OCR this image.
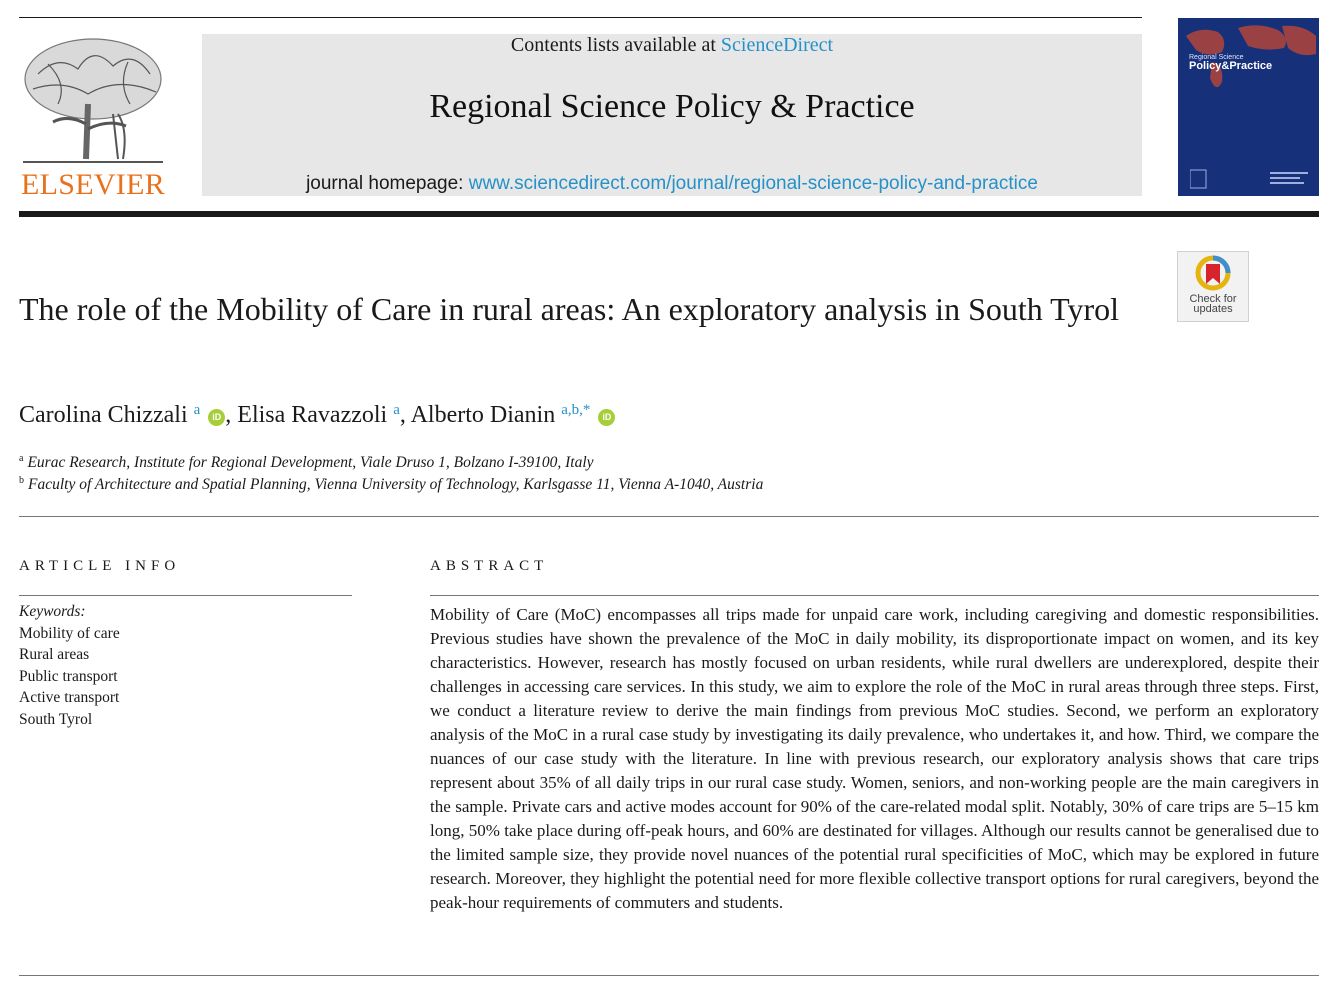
ELSEVIER
Contents lists available at ScienceDirect
Regional Science Policy & Practice
journal homepage: www.sciencedirect.com/journal/regional-science-policy-and-practice
Regional Science
Policy&Practice
The role of the Mobility of Care in rural areas: An exploratory analysis in South Tyrol	Check for updates
Carolina Chizzali $^a$ iD , Elisa Ravazzoli $^a$, Alberto Dianin $^{a,b,*}$ iD
$^a$ Eurac Research, Institute for Regional Development, Viale Druso 1, Bolzano I-39100, Italy
$^b$ Faculty of Architecture and Spatial Planning, Vienna University of Technology, Karlsgasse 11, Vienna A-1040, Austria
ARTICLE INFO
Keywords:
Mobility of care
Rural areas
Public transport
Active transport
South Tyrol
ABSTRACT
Mobility of Care (MoC) encompasses all trips made for unpaid care work, including caregiving and domestic responsibilities. Previous studies have shown the prevalence of the MoC in daily mobility, its disproportionate impact on women, and its key characteristics. However, research has mostly focused on urban residents, while rural dwellers are underexplored, despite their challenges in accessing care services. In this study, we aim to explore the role of the MoC in rural areas through three steps. First, we conduct a literature review to derive the main findings from previous MoC studies. Second, we perform an exploratory analysis of the MoC in a rural case study by investigating its daily prevalence, who undertakes it, and how. Third, we compare the nuances of our case study with the literature. In line with previous research, our exploratory analysis shows that care trips represent about 35% of all daily trips in our rural case study. Women, seniors, and non-working people are the main caregivers in the sample. Private cars and active modes account for 90% of the care-related modal split. Notably, 30% of care trips are 5–15 km long, 50% take place during off-peak hours, and 60% are destinated for villages. Although our results cannot be generalised due to the limited sample size, they provide novel nuances of the potential rural specificities of MoC, which may be explored in future research. Moreover, they highlight the potential need for more flexible collective transport options for rural caregivers, beyond the peak-hour requirements of commuters and students.
